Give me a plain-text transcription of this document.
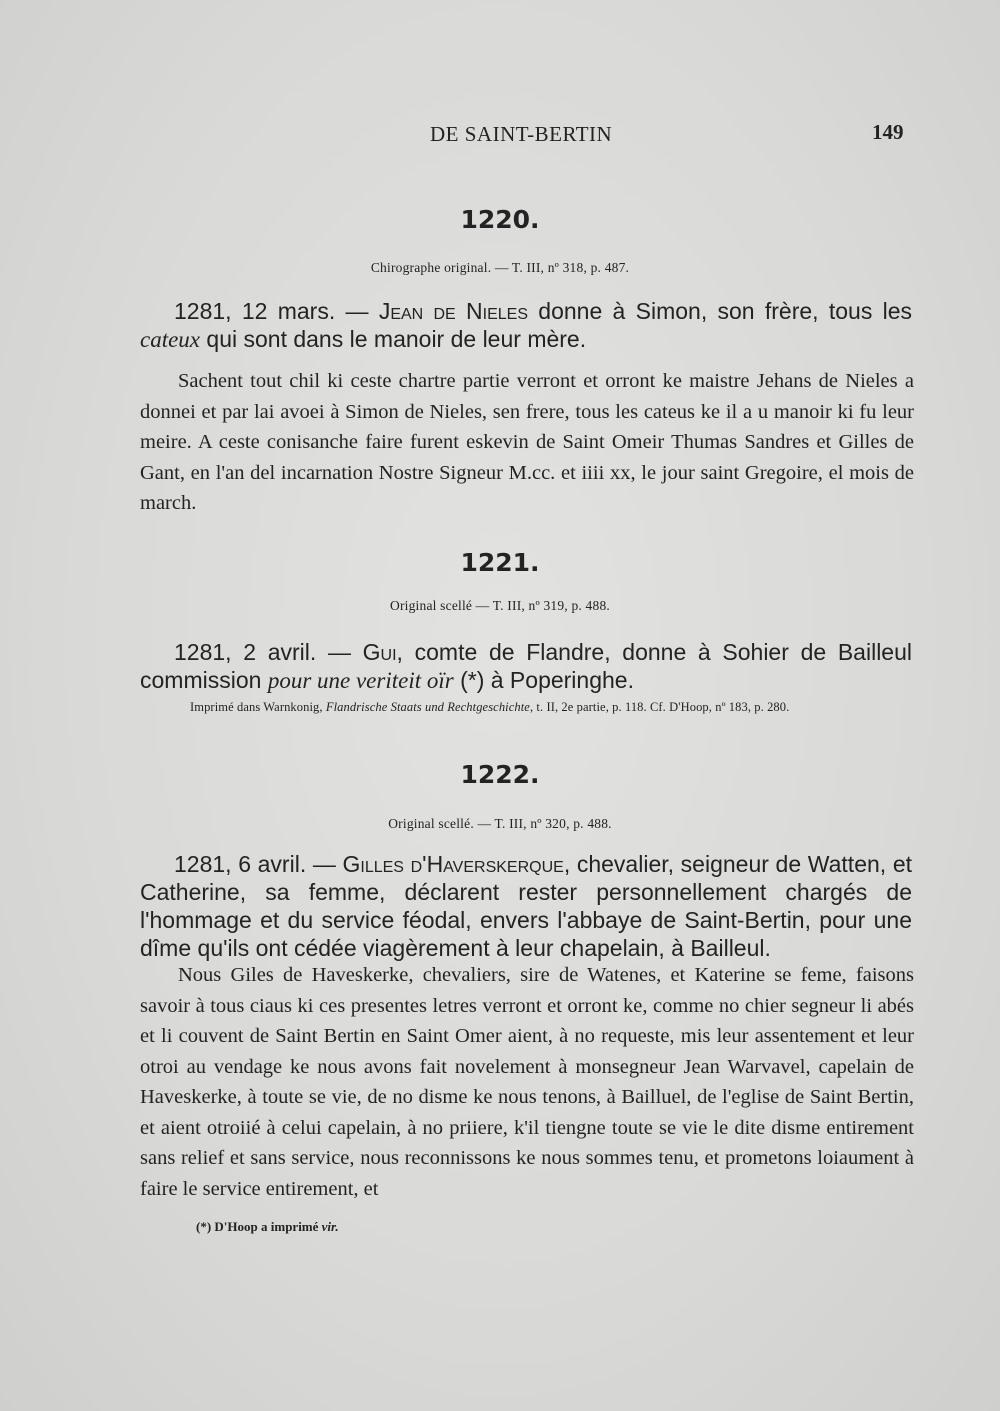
DE SAINT-BERTIN	149
1220.
Chirographe original. — T. III, nº 318, p. 487.
1281, 12 mars. — Jean de Nieles donne à Simon, son frère, tous les cateux qui sont dans le manoir de leur mère.
Sachent tout chil ki ceste chartre partie verront et orront ke maistre Jehans de Nieles a donnei et par lai avoei à Simon de Nieles, sen frere, tous les cateus ke il a u manoir ki fu leur meire. A ceste conisanche faire furent eskevin de Saint Omeir Thumas Sandres et Gilles de Gant, en l'an del incarnation Nostre Signeur M.cc. et iiii xx, le jour saint Gregoire, el mois de march.
1221.
Original scellé — T. III, nº 319, p. 488.
1281, 2 avril. — Gui, comte de Flandre, donne à Sohier de Bailleul commission pour une veriteit oïr (*) à Poperinghe.
Imprimé dans Warnkonig, Flandrische Staats und Rechtgeschichte, t. II, 2e partie, p. 118. Cf. D'Hoop, nº 183, p. 280.
1222.
Original scellé. — T. III, nº 320, p. 488.
1281, 6 avril. — Gilles d'Haverskerque, chevalier, seigneur de Watten, et Catherine, sa femme, déclarent rester personnellement chargés de l'hommage et du service féodal, envers l'abbaye de Saint-Bertin, pour une dîme qu'ils ont cédée viagèrement à leur chapelain, à Bailleul.
Nous Giles de Haveskerke, chevaliers, sire de Watenes, et Katerine se feme, faisons savoir à tous ciaus ki ces presentes letres verront et orront ke, comme no chier segneur li abés et li couvent de Saint Bertin en Saint Omer aient, à no requeste, mis leur assentement et leur otroi au vendage ke nous avons fait novelement à monsegneur Jean Warvavel, capelain de Haveskerke, à toute se vie, de no disme ke nous tenons, à Bailluel, de l'eglise de Saint Bertin, et aient otroiié à celui capelain, à no priiere, k'il tiengne toute se vie le dite disme entirement sans relief et sans service, nous reconnissons ke nous sommes tenu, et prometons loiaument à faire le service entirement, et
(*) D'Hoop a imprimé vir.
